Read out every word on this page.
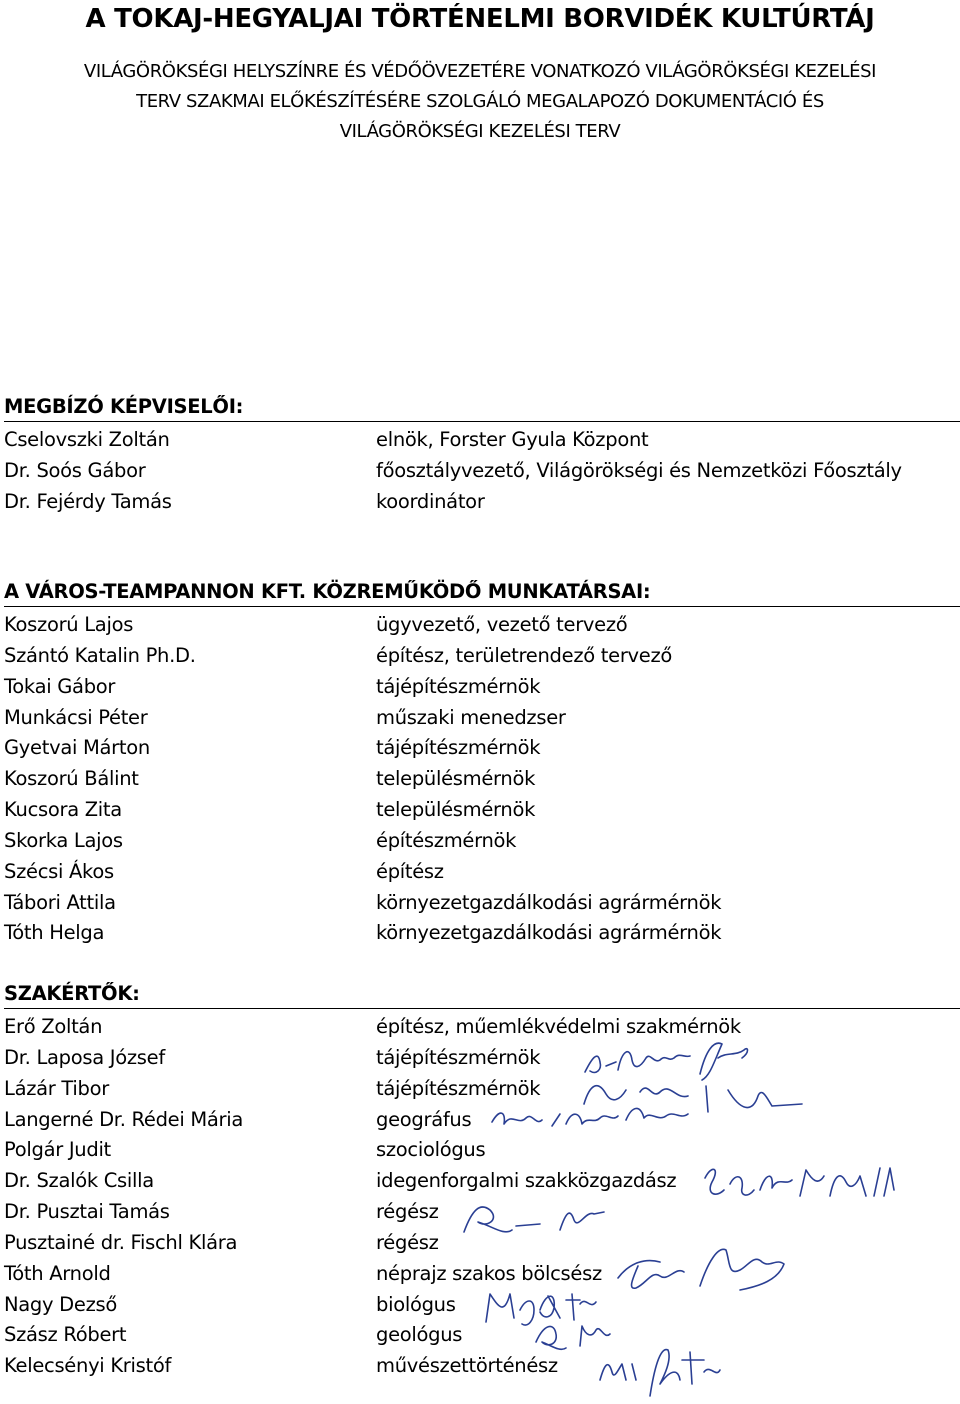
A TOKAJ-HEGYALJAI TÖRTÉNELMI BORVIDÉK KULTÚRTÁJ
VILÁGÖRÖKSÉGI HELYSZÍNRE ÉS VÉDŐÖVEZETÉRE VONATKOZÓ VILÁGÖRÖKSÉGI KEZELÉSI
TERV SZAKMAI ELŐKÉSZÍTÉSÉRE SZOLGÁLÓ MEGALAPOZÓ DOKUMENTÁCIÓ ÉS
VILÁGÖRÖKSÉGI KEZELÉSI TERV
MEGBÍZÓ KÉPVISELŐI:
Cselovszki Zoltán	elnök, Forster Gyula Központ
Dr. Soós Gábor	főosztályvezető, Világörökségi és Nemzetközi Főosztály
Dr. Fejérdy Tamás	koordinátor
A VÁROS-TEAMPANNON KFT. KÖZREMŰKÖDŐ MUNKATÁRSAI:
Koszorú Lajos	ügyvezető, vezető tervező
Szántó Katalin Ph.D.	építész, területrendező tervező
Tokai Gábor	tájépítészmérnök
Munkácsi Péter	műszaki menedzser
Gyetvai Márton	tájépítészmérnök
Koszorú Bálint	településmérnök
Kucsora Zita	településmérnök
Skorka Lajos	építészmérnök
Szécsi Ákos	építész
Tábori Attila	környezetgazdálkodási agrármérnök
Tóth Helga	környezetgazdálkodási agrármérnök
SZAKÉRTŐK:
Erő Zoltán	építész, műemlékvédelmi szakmérnök
Dr. Laposa József	tájépítészmérnök
Lázár Tibor	tájépítészmérnök
Langerné Dr. Rédei Mária	geográfus
Polgár Judit	szociológus
Dr. Szalók Csilla	idegenforgalmi szakközgazdász
Dr. Pusztai Tamás	régész
Pusztainé dr. Fischl Klára	régész
Tóth Arnold	néprajz szakos bölcsész
Nagy Dezső	biológus
Szász Róbert	geológus
Kelecsényi Kristóf	művészettörténész
